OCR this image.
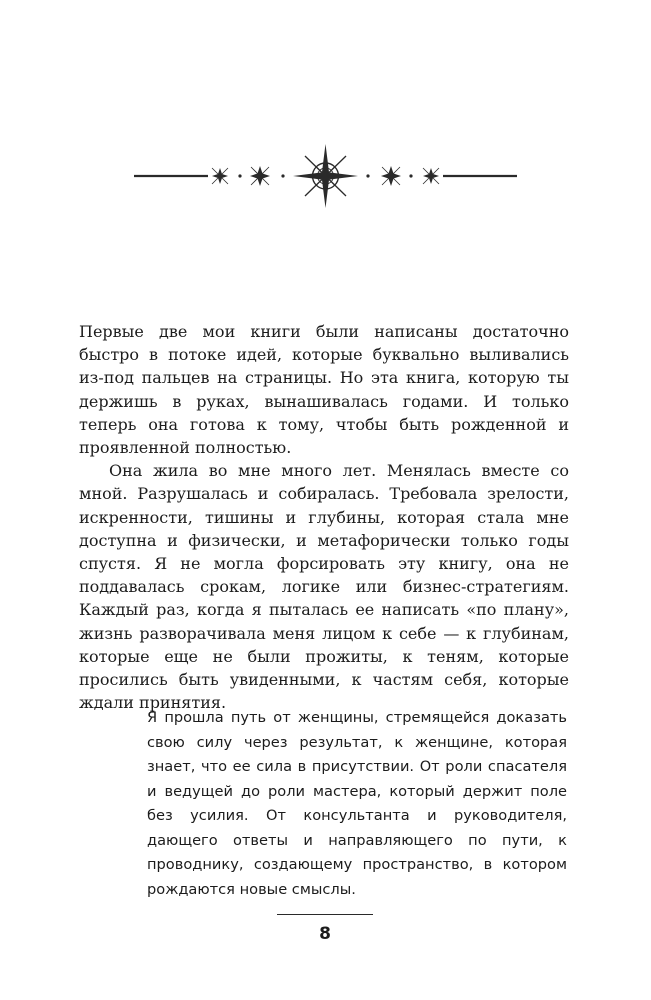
Первые две мои книги были написаны достаточно быстро в потоке идей, которые буквально выливались из-под пальцев на страницы. Но эта книга, которую ты держишь в руках, вынашивалась годами. И только теперь она готова к тому, чтобы быть рожденной и проявленной полностью.

Она жила во мне много лет. Менялась вместе со мной. Разрушалась и собиралась. Требовала зрелости, искренности, тишины и глубины, которая стала мне доступна и физически, и метафорически только годы спустя. Я не могла форсировать эту книгу, она не поддавалась срокам, логике или бизнес-стратегиям. Каждый раз, когда я пыталась ее написать «по плану», жизнь разворачивала меня лицом к себе — к глубинам, которые еще не были прожиты, к теням, которые просились быть увиденными, к частям себя, которые ждали принятия.

Я прошла путь от женщины, стремящейся доказать свою силу через результат, к женщине, которая знает, что ее сила в присутствии. От роли спасателя и ведущей до роли мастера, который держит поле без усилия. От консультанта и руководителя, дающего ответы и направляющего по пути, к проводнику, создающему пространство, в котором рождаются новые смыслы.

8
